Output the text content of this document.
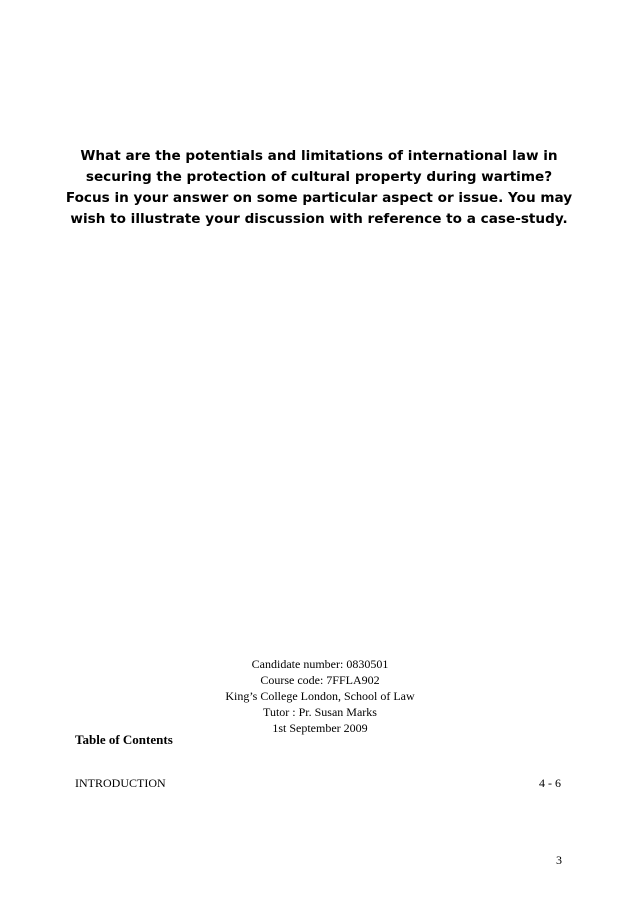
What are the potentials and limitations of international law in
securing the protection of cultural property during wartime?
Focus in your answer on some particular aspect or issue. You may
wish to illustrate your discussion with reference to a case-study.
Candidate number: 0830501
Course code: 7FFLA902
King’s College London, School of Law
Tutor : Pr. Susan Marks
1st September 2009
Table of Contents
INTRODUCTION	4 - 6
3
